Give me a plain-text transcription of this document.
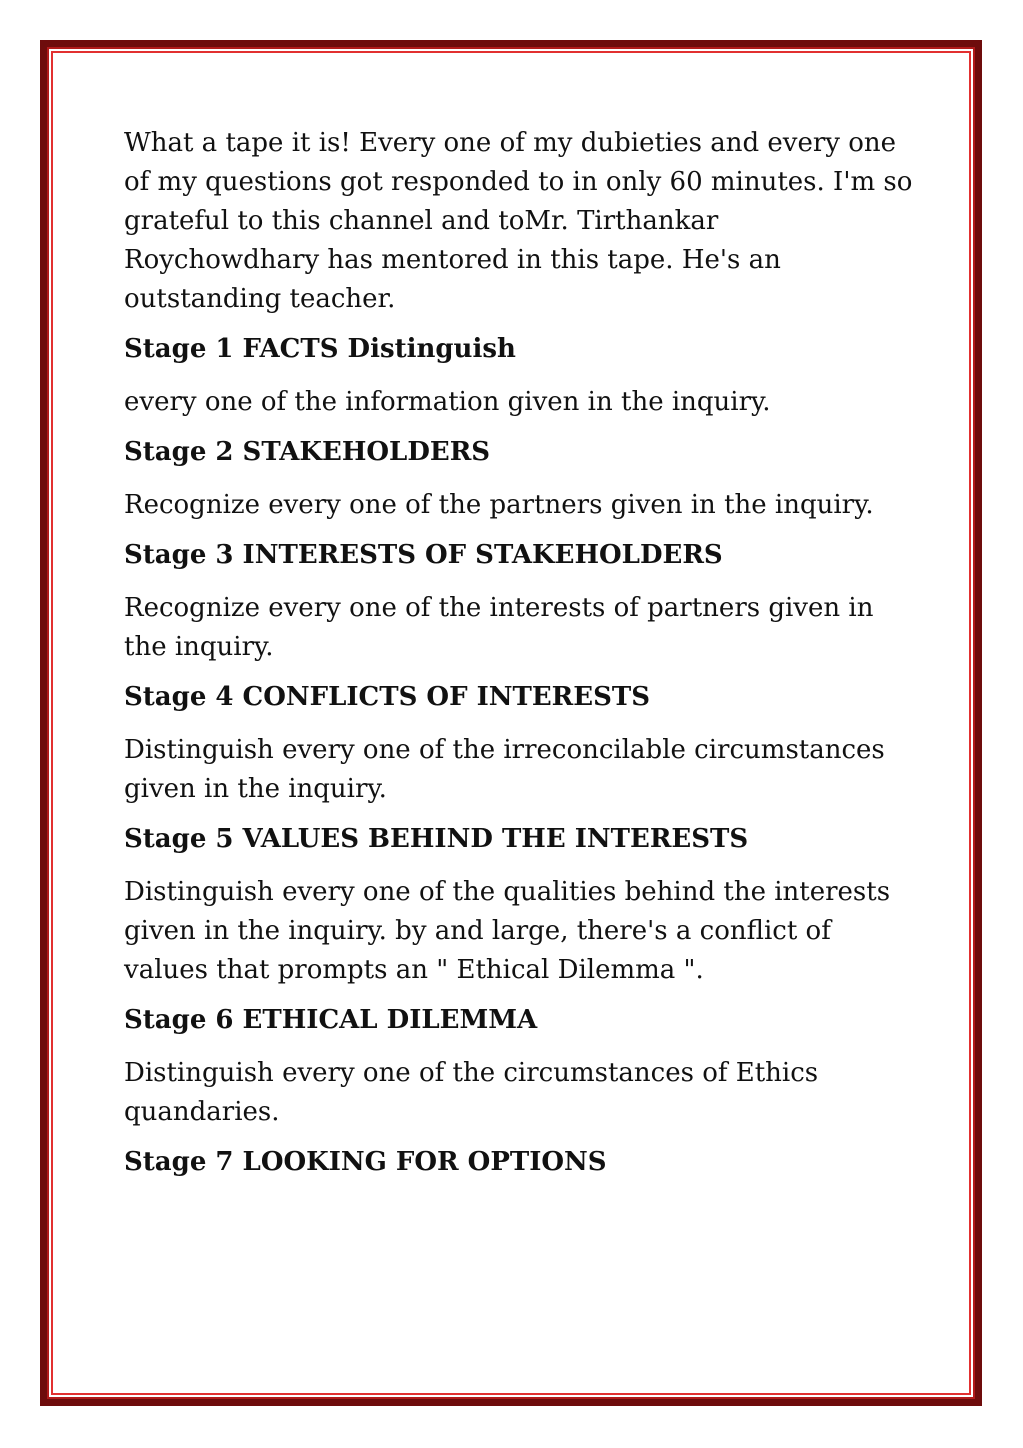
What a tape it is! Every one of my dubieties and every one of my questions got responded to in only 60 minutes. I'm so grateful to this channel and toMr. Tirthankar Roychowdhary has mentored in this tape. He's an outstanding teacher.

Stage 1 FACTS Distinguish

every one of the information given in the inquiry.

Stage 2 STAKEHOLDERS

Recognize every one of the partners given in the inquiry.

Stage 3 INTERESTS OF STAKEHOLDERS

Recognize every one of the interests of partners given in the inquiry.

Stage 4 CONFLICTS OF INTERESTS

Distinguish every one of the irreconcilable circumstances given in the inquiry.

Stage 5 VALUES BEHIND THE INTERESTS

Distinguish every one of the qualities behind the interests given in the inquiry. by and large, there's a conflict of values that prompts an " Ethical Dilemma ".

Stage 6 ETHICAL DILEMMA

Distinguish every one of the circumstances of Ethics quandaries.

Stage 7 LOOKING FOR OPTIONS
